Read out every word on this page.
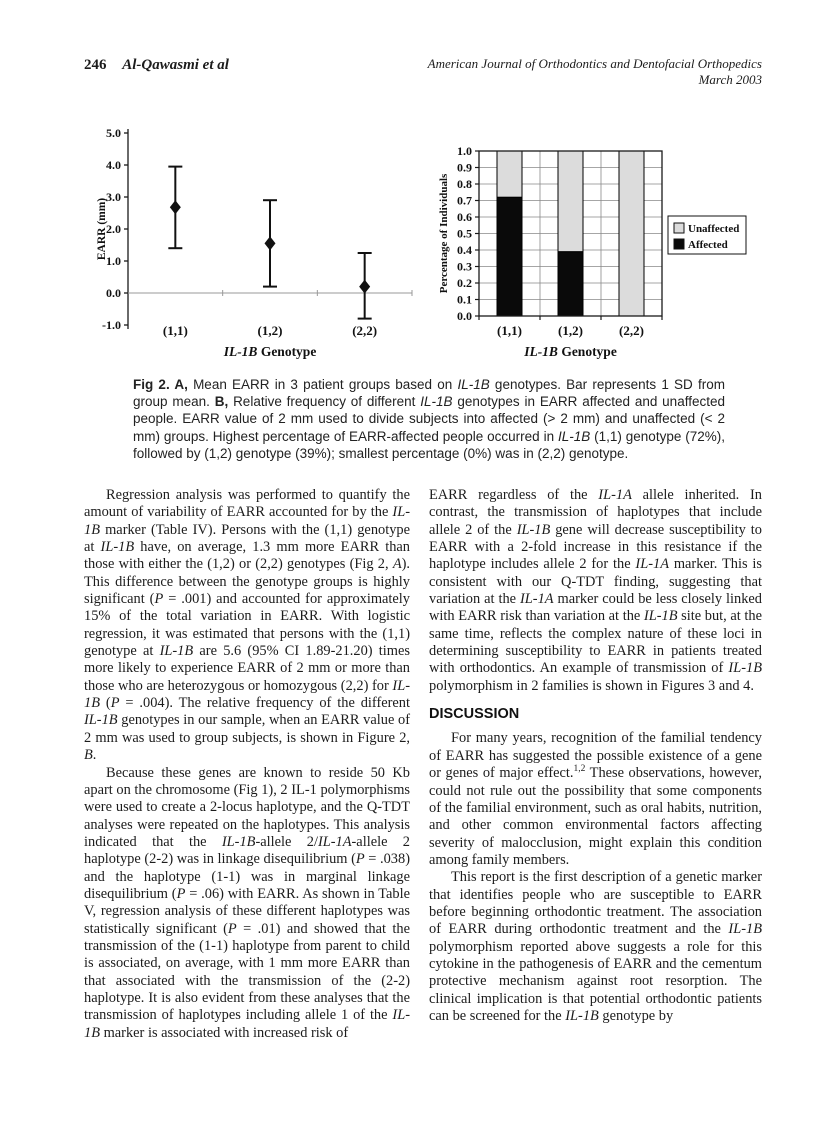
246 Al-Qawasmi et al	American Journal of Orthodontics and Dentofacial Orthopedics
March 2003
5.0
4.0
3.0
2.0
1.0
0.0
-1.0	(1,1)	(1,2)	(2,2)
IL-1B Genotype
EARR (mm)
(1,1)	(1,2)	(2,2)
1.0
0.9
0.8
0.7
0.6
0.5
0.4
0.3
0.2
0.1
0.0
IL-1B Genotype
Percentage of Individuals	Unaffected
Affected

Fig 2. A, Mean EARR in 3 patient groups based on IL-1B genotypes. Bar represents 1 SD from group mean. B, Relative frequency of different IL-1B genotypes in EARR affected and unaffected people. EARR value of 2 mm used to divide subjects into affected (> 2 mm) and unaffected (< 2 mm) groups. Highest percentage of EARR-affected people occurred in IL-1B (1,1) genotype (72%), followed by (1,2) genotype (39%); smallest percentage (0%) was in (2,2) genotype.

Regression analysis was performed to quantify the amount of variability of EARR accounted for by the IL-1B marker (Table IV). Persons with the (1,1) genotype at IL-1B have, on average, 1.3 mm more EARR than those with either the (1,2) or (2,2) genotypes (Fig 2, A). This difference between the genotype groups is highly significant (P = .001) and accounted for approximately 15% of the total variation in EARR. With logistic regression, it was estimated that persons with the (1,1) genotype at IL-1B are 5.6 (95% CI 1.89-21.20) times more likely to experience EARR of 2 mm or more than those who are heterozygous or homozygous (2,2) for IL-1B (P = .004). The relative frequency of the different IL-1B genotypes in our sample, when an EARR value of 2 mm was used to group subjects, is shown in Figure 2, B.

Because these genes are known to reside 50 Kb apart on the chromosome (Fig 1), 2 IL-1 polymorphisms were used to create a 2-locus haplotype, and the Q-TDT analyses were repeated on the haplotypes. This analysis indicated that the IL-1B-allele 2/IL-1A-allele 2 haplotype (2-2) was in linkage disequilibrium (P = .038) and the haplotype (1-1) was in marginal linkage disequilibrium (P = .06) with EARR. As shown in Table V, regression analysis of these different haplotypes was statistically significant (P = .01) and showed that the transmission of the (1-1) haplotype from parent to child is associated, on average, with 1 mm more EARR than that associated with the transmission of the (2-2) haplotype. It is also evident from these analyses that the transmission of haplotypes including allele 1 of the IL-1B marker is associated with increased risk of

EARR regardless of the IL-1A allele inherited. In contrast, the transmission of haplotypes that include allele 2 of the IL-1B gene will decrease susceptibility to EARR with a 2-fold increase in this resistance if the haplotype includes allele 2 for the IL-1A marker. This is consistent with our Q-TDT finding, suggesting that variation at the IL-1A marker could be less closely linked with EARR risk than variation at the IL-1B site but, at the same time, reflects the complex nature of these loci in determining susceptibility to EARR in patients treated with orthodontics. An example of transmission of IL-1B polymorphism in 2 families is shown in Figures 3 and 4.

DISCUSSION

For many years, recognition of the familial tendency of EARR has suggested the possible existence of a gene or genes of major effect.$^{1,2}$ These observations, however, could not rule out the possibility that some components of the familial environment, such as oral habits, nutrition, and other common environmental factors affecting severity of malocclusion, might explain this condition among family members.

This report is the first description of a genetic marker that identifies people who are susceptible to EARR before beginning orthodontic treatment. The association of EARR during orthodontic treatment and the IL-1B polymorphism reported above suggests a role for this cytokine in the pathogenesis of EARR and the cementum protective mechanism against root resorption. The clinical implication is that potential orthodontic patients can be screened for the IL-1B genotype by
